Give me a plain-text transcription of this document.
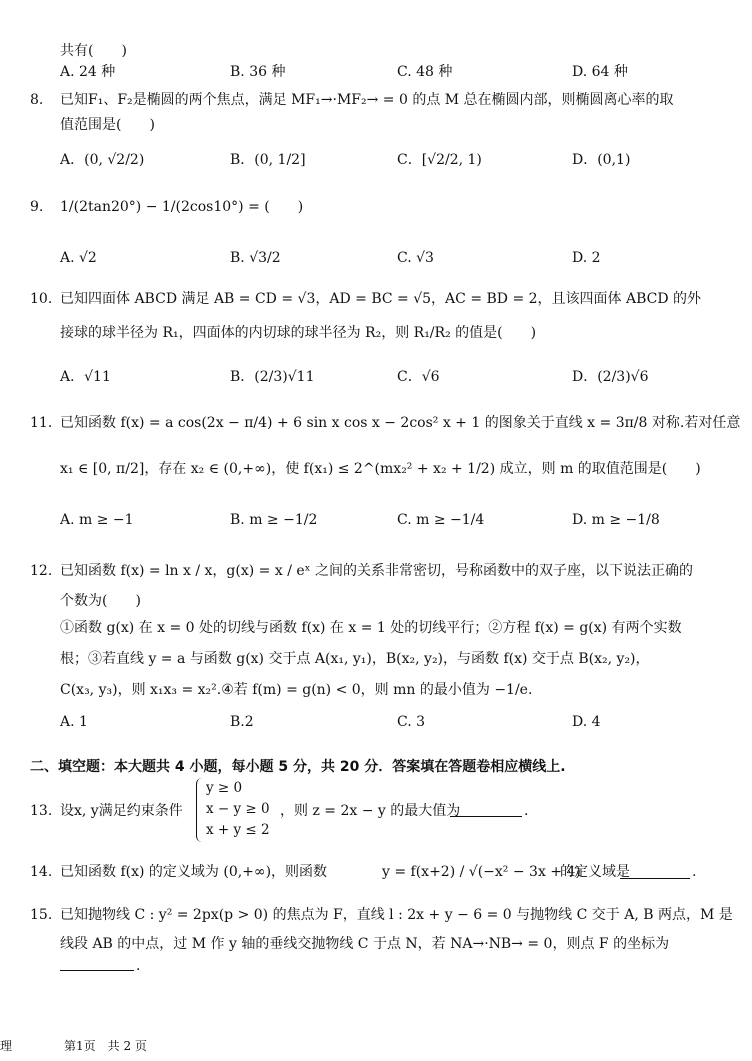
共有(　　)
A. 24 种	B. 36 种	C. 48 种	D. 64 种
8. 已知F₁、F₂是椭圆的两个焦点，满足 MF₁→·MF₂→ = 0 的点 M 总在椭圆内部，则椭圆离心率的取
值范围是(　　)
A．(0, √2/2)	B．(0, 1/2]	C．[√2/2, 1)	D．(0,1)
9. 1/(2tan20°) − 1/(2cos10°) = (　　)
A. √2	B. √3/2	C. √3	D. 2
10. 已知四面体 ABCD 满足 AB = CD = √3，AD = BC = √5，AC = BD = 2，且该四面体 ABCD 的外
接球的球半径为 R₁，四面体的内切球的球半径为 R₂，则 R₁/R₂ 的值是(　　)
A．√11	B．(2/3)√11	C．√6	D．(2/3)√6
11. 已知函数 f(x) = a cos(2x − π/4) + 6 sin x cos x − 2cos² x + 1 的图象关于直线 x = 3π/8 对称.若对任意
x₁ ∈ [0, π/2]，存在 x₂ ∈ (0,+∞)，使 f(x₁) ≤ 2^(mx₂² + x₂ + 1/2) 成立，则 m 的取值范围是(　　)
A. m ≥ −1	B. m ≥ −1/2	C. m ≥ −1/4	D. m ≥ −1/8
12. 已知函数 f(x) = ln x / x，g(x) = x / eˣ 之间的关系非常密切，号称函数中的双子座，以下说法正确的
个数为(　　)
①函数 g(x) 在 x = 0 处的切线与函数 f(x) 在 x = 1 处的切线平行；②方程 f(x) = g(x) 有两个实数
根；③若直线 y = a 与函数 g(x) 交于点 A(x₁, y₁)，B(x₂, y₂)，与函数 f(x) 交于点 B(x₂, y₂)，
C(x₃, y₃)，则 x₁x₃ = x₂².④若 f(m) = g(n) < 0，则 mn 的最小值为 −1/e.
A. 1	B.2	C. 3	D. 4
二、填空题：本大题共 4 小题，每小题 5 分，共 20 分．答案填在答题卷相应横线上.
13. 设x, y满足约束条件
y ≥ 0
x − y ≥ 0
x + y ≤ 2
，则 z = 2x − y 的最大值为	.
14. 已知函数 f(x) 的定义域为 (0,+∞)，则函数	y = f(x+2) / √(−x² − 3x + 4)
的定义域是	.
15. 已知抛物线 C : y² = 2px(p > 0) 的焦点为 F，直线 l : 2x + y − 6 = 0 与抛物线 C 交于 A, B 两点，M 是
线段 AB 的中点，过 M 作 y 轴的垂线交抛物线 C 于点 N，若 NA→·NB→ = 0，则点 F 的坐标为
.
理	第1页　共 2 页
